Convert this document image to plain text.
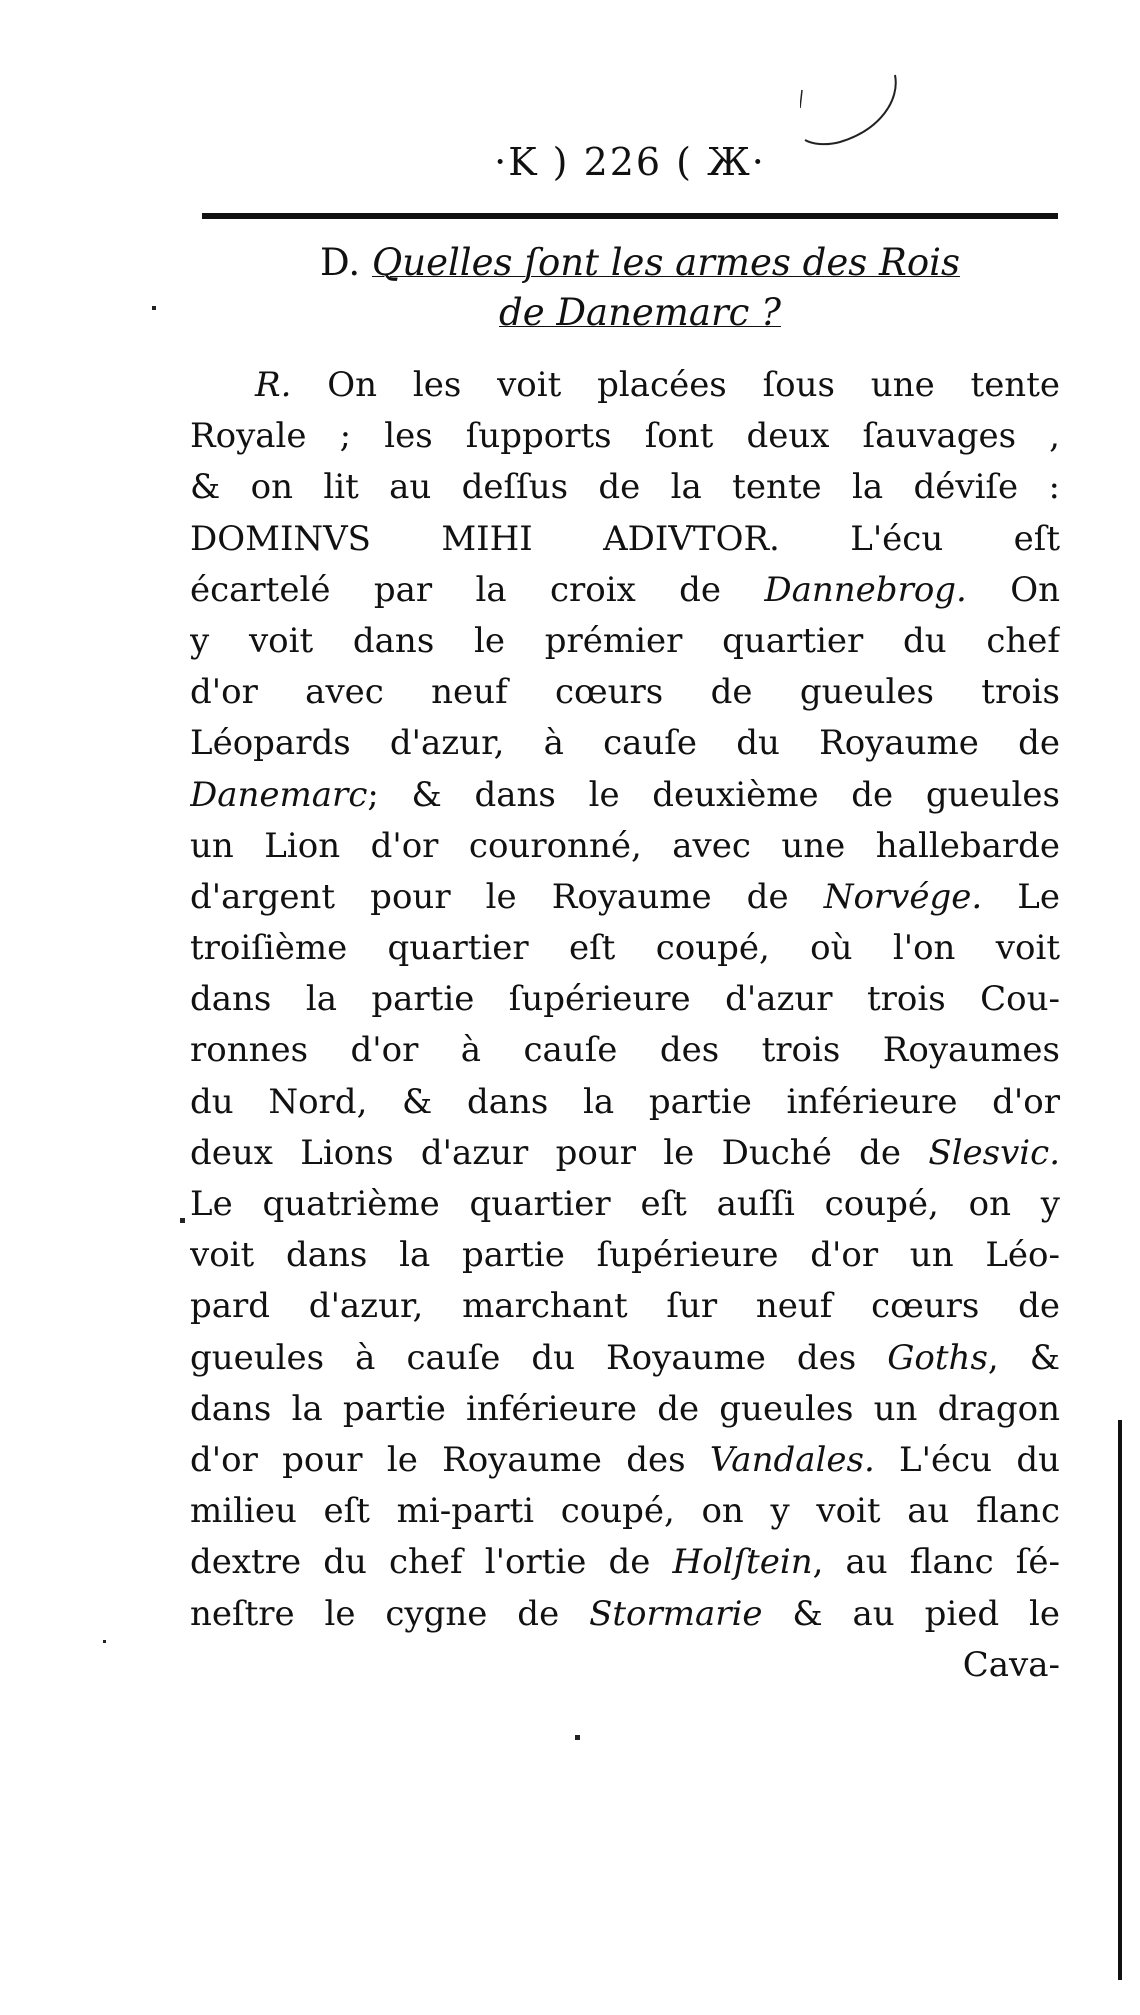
·K ) 226 ( Ж·
D. Quelles ſont les armes des Rois
de Danemarc ?
R. On les voit placées ſous une tente
Royale ; les ſupports ſont deux ſauvages ,
& on lit au deſſus de la tente la déviſe :
DOMINVS MIHI ADIVTOR. L'écu eſt
écartelé par la croix de Dannebrog. On
y voit dans le prémier quartier du chef
d'or avec neuf cœurs de gueules trois
Léopards d'azur, à cauſe du Royaume de
Danemarc; & dans le deuxième de gueules
un Lion d'or couronné, avec une hallebarde
d'argent pour le Royaume de Norvége. Le
troiſième quartier eſt coupé, où l'on voit
dans la partie ſupérieure d'azur trois Cou-
ronnes d'or à cauſe des trois Royaumes
du Nord, & dans la partie inférieure d'or
deux Lions d'azur pour le Duché de Slesvic.
Le quatrième quartier eſt auſſi coupé, on y
voit dans la partie ſupérieure d'or un Léo-
pard d'azur, marchant ſur neuf cœurs de
gueules à cauſe du Royaume des Goths, &
dans la partie inférieure de gueules un dragon
d'or pour le Royaume des Vandales. L'écu du
milieu eſt mi-parti coupé, on y voit au flanc
dextre du chef l'ortie de Holſtein, au flanc ſé-
neſtre le cygne de Stormarie & au pied le
Cava-
